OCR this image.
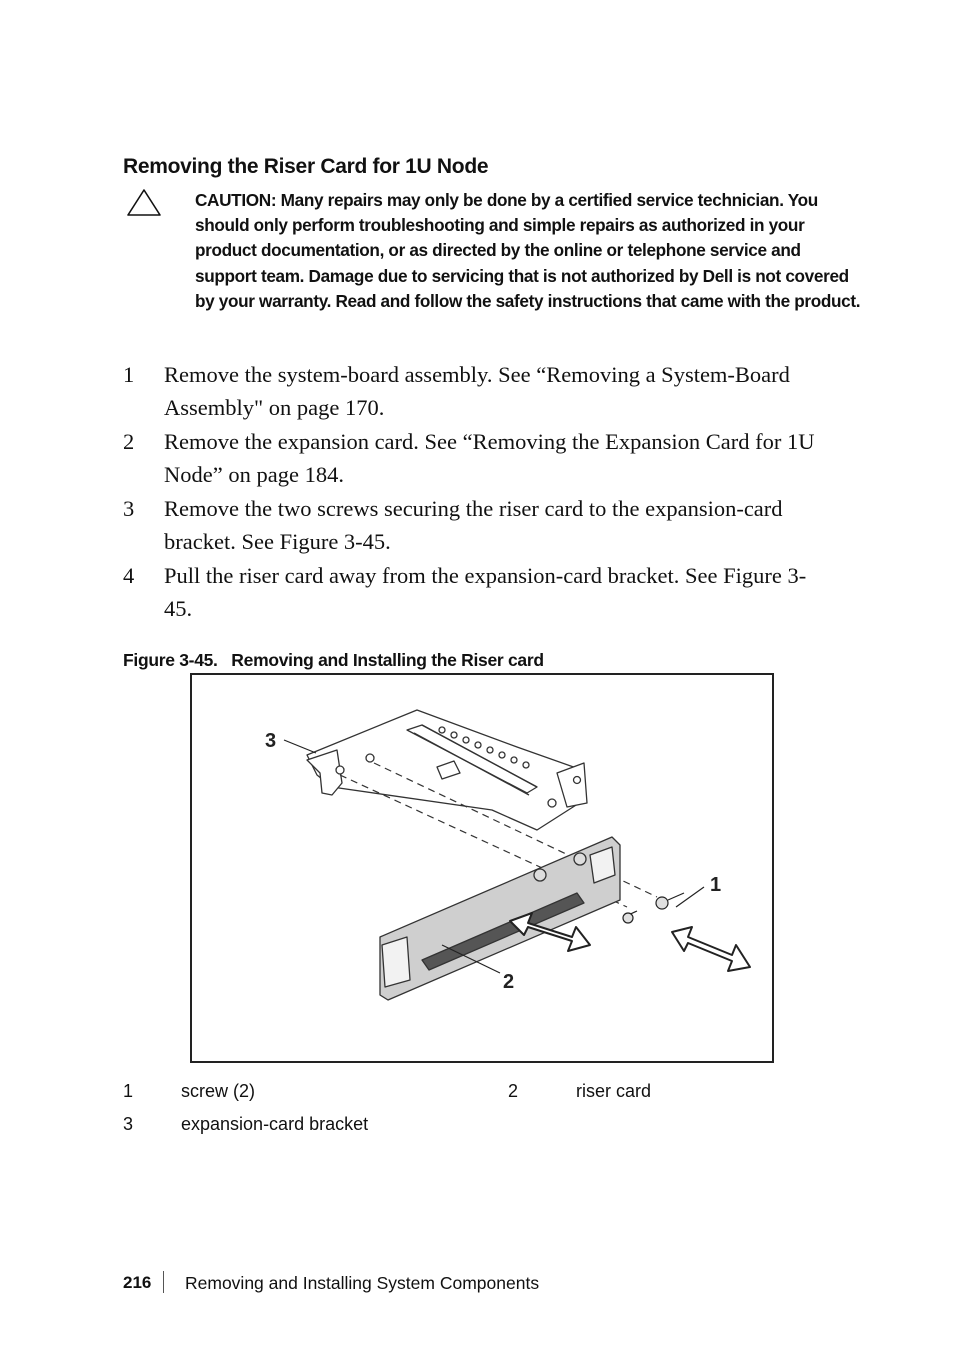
Removing the Riser Card for 1U Node
CAUTION: Many repairs may only be done by a certified service technician. You should only perform troubleshooting and simple repairs as authorized in your product documentation, or as directed by the online or telephone service and support team. Damage due to servicing that is not authorized by Dell is not covered by your warranty. Read and follow the safety instructions that came with the product.
1 Remove the system-board assembly. See “Removing a System-Board Assembly" on page 170.
2 Remove the expansion card. See “Removing the Expansion Card for 1U Node” on page 184.
3 Remove the two screws securing the riser card to the expansion-card bracket. See Figure 3-45.
4 Pull the riser card away from the expansion-card bracket. See Figure 3-45.
Figure 3-45.   Removing and Installing the Riser card
3
1
2
1	screw (2)	2	riser card
3	expansion-card bracket
216 Removing and Installing System Components
